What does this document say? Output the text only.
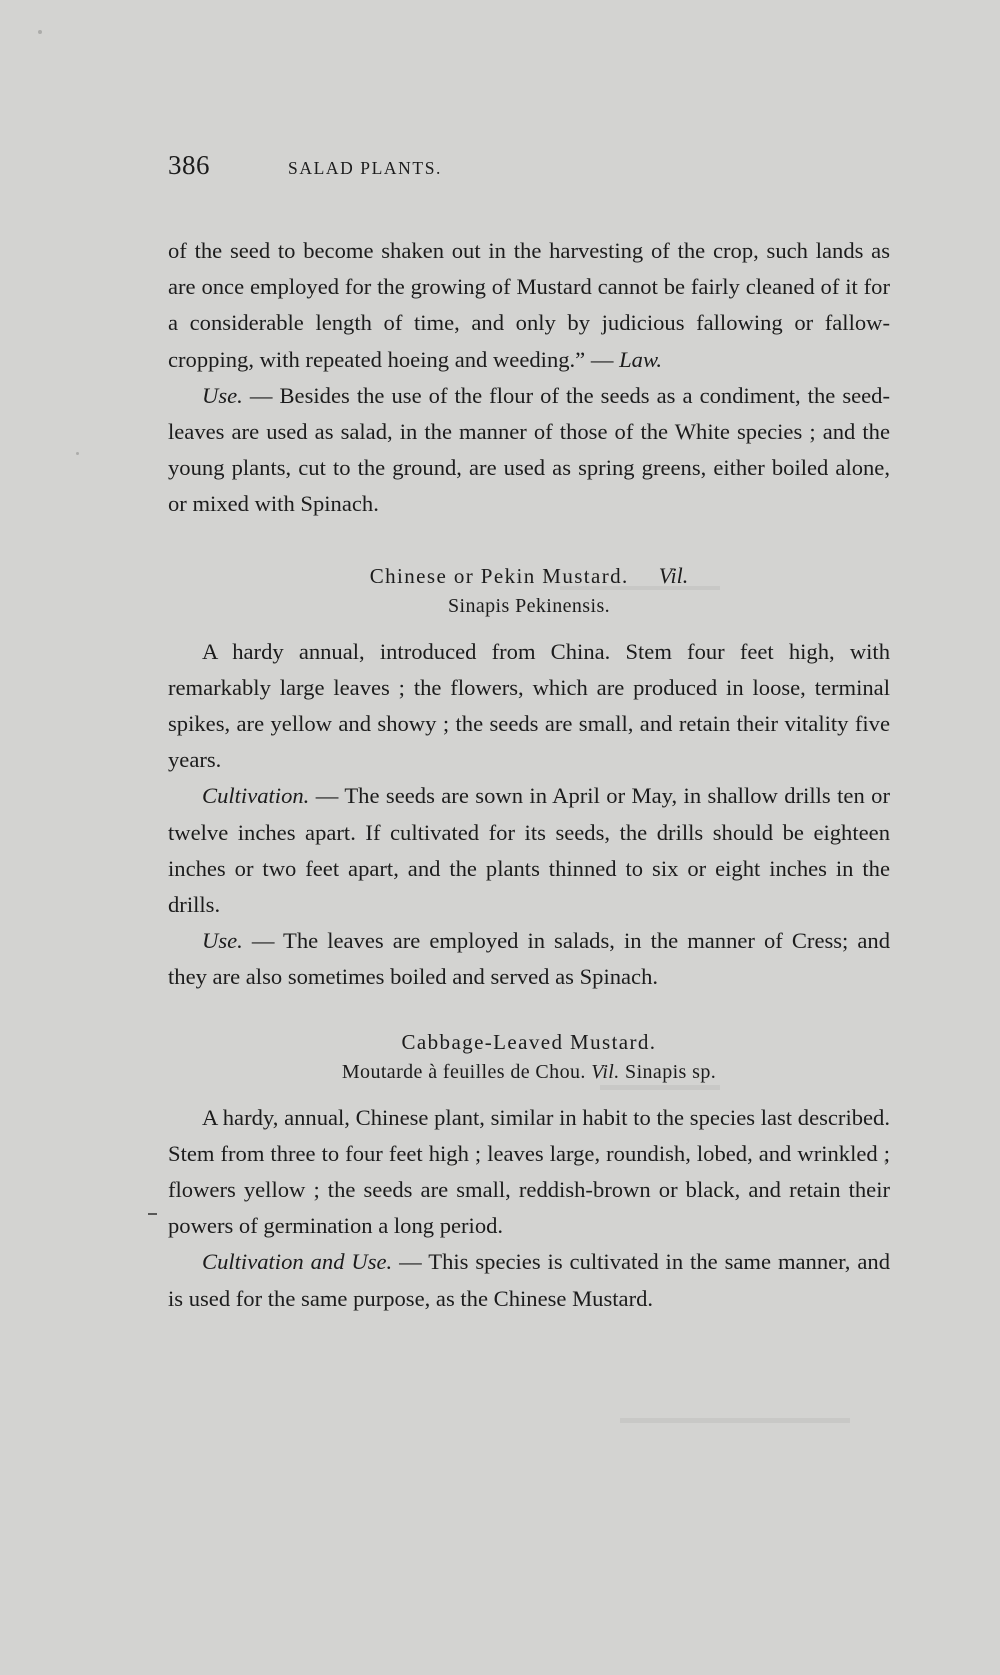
386	SALAD PLANTS.

of the seed to become shaken out in the harvesting of the crop, such lands as are once employed for the growing of Mustard cannot be fairly cleaned of it for a considerable length of time, and only by judicious fallowing or fallow-cropping, with repeated hoeing and weeding.” — Law.

Use. — Besides the use of the flour of the seeds as a condiment, the seed-leaves are used as salad, in the manner of those of the White species ; and the young plants, cut to the ground, are used as spring greens, either boiled alone, or mixed with Spinach.

Chinese or Pekin Mustard. Vil.
Sinapis Pekinensis.

A hardy annual, introduced from China. Stem four feet high, with remarkably large leaves ; the flowers, which are produced in loose, terminal spikes, are yellow and showy ; the seeds are small, and retain their vitality five years.

Cultivation. — The seeds are sown in April or May, in shallow drills ten or twelve inches apart. If cultivated for its seeds, the drills should be eighteen inches or two feet apart, and the plants thinned to six or eight inches in the drills.

Use. — The leaves are employed in salads, in the manner of Cress; and they are also sometimes boiled and served as Spinach.

Cabbage-Leaved Mustard.
Moutarde à feuilles de Chou. Vil. Sinapis sp.

A hardy, annual, Chinese plant, similar in habit to the species last described. Stem from three to four feet high ; leaves large, roundish, lobed, and wrinkled ; flowers yellow ; the seeds are small, reddish-brown or black, and retain their powers of germination a long period.

Cultivation and Use. — This species is cultivated in the same manner, and is used for the same purpose, as the Chinese Mustard.
